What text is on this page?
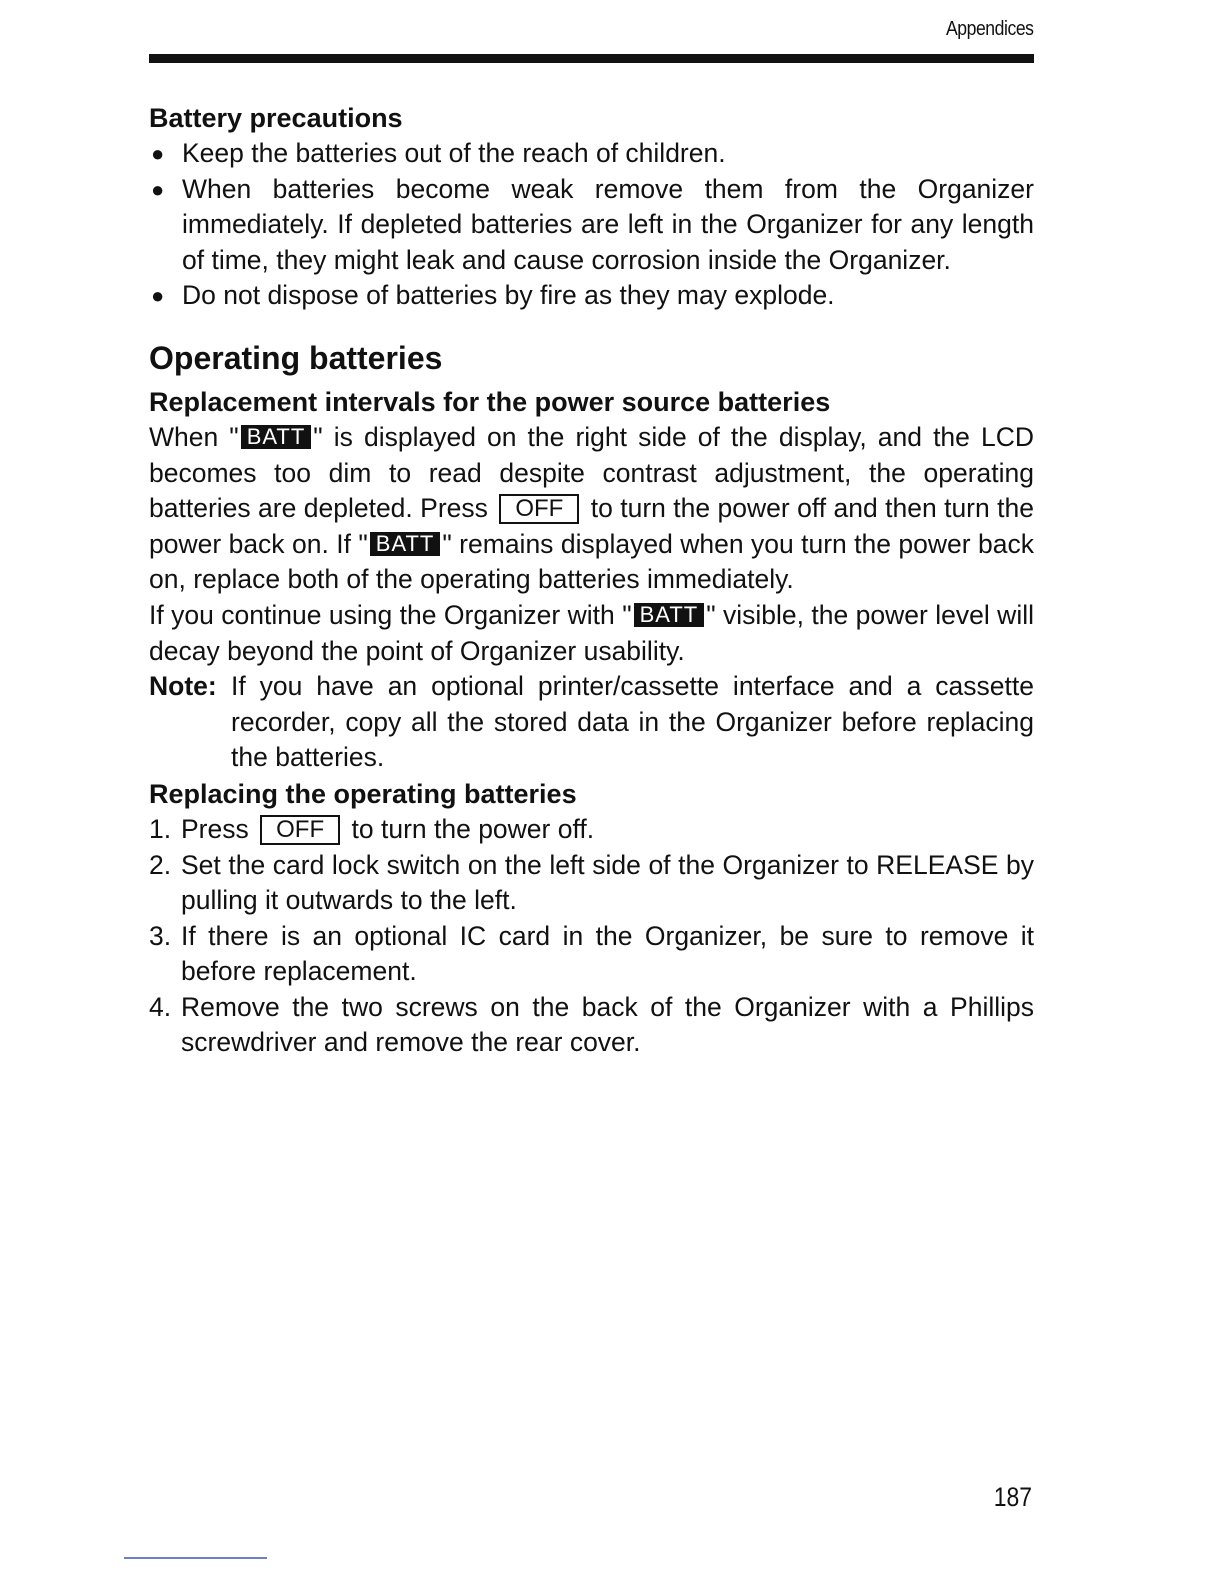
Appendices
Battery precautions
● Keep the batteries out of the reach of children.
● When batteries become weak remove them from the Organizer immediately. If depleted batteries are left in the Organizer for any length of time, they might leak and cause corrosion inside the Organizer.
● Do not dispose of batteries by fire as they may explode.
Operating batteries
Replacement intervals for the power source batteries

When " BATT " is displayed on the right side of the display, and the LCD becomes too dim to read despite contrast adjustment, the operating batteries are depleted. Press OFF to turn the power off and then turn the power back on. If " BATT " remains displayed when you turn the power back on, replace both of the operating batteries immediately.

If you continue using the Organizer with " BATT " visible, the power level will decay beyond the point of Organizer usability.

Note: If you have an optional printer/cassette interface and a cassette recorder, copy all the stored data in the Organizer before replacing the batteries.
Replacing the operating batteries
1. Press OFF to turn the power off.
2. Set the card lock switch on the left side of the Organizer to RELEASE by pulling it outwards to the left.
3. If there is an optional IC card in the Organizer, be sure to remove it before replacement.
4. Remove the two screws on the back of the Organizer with a Phillips screwdriver and remove the rear cover.
187
